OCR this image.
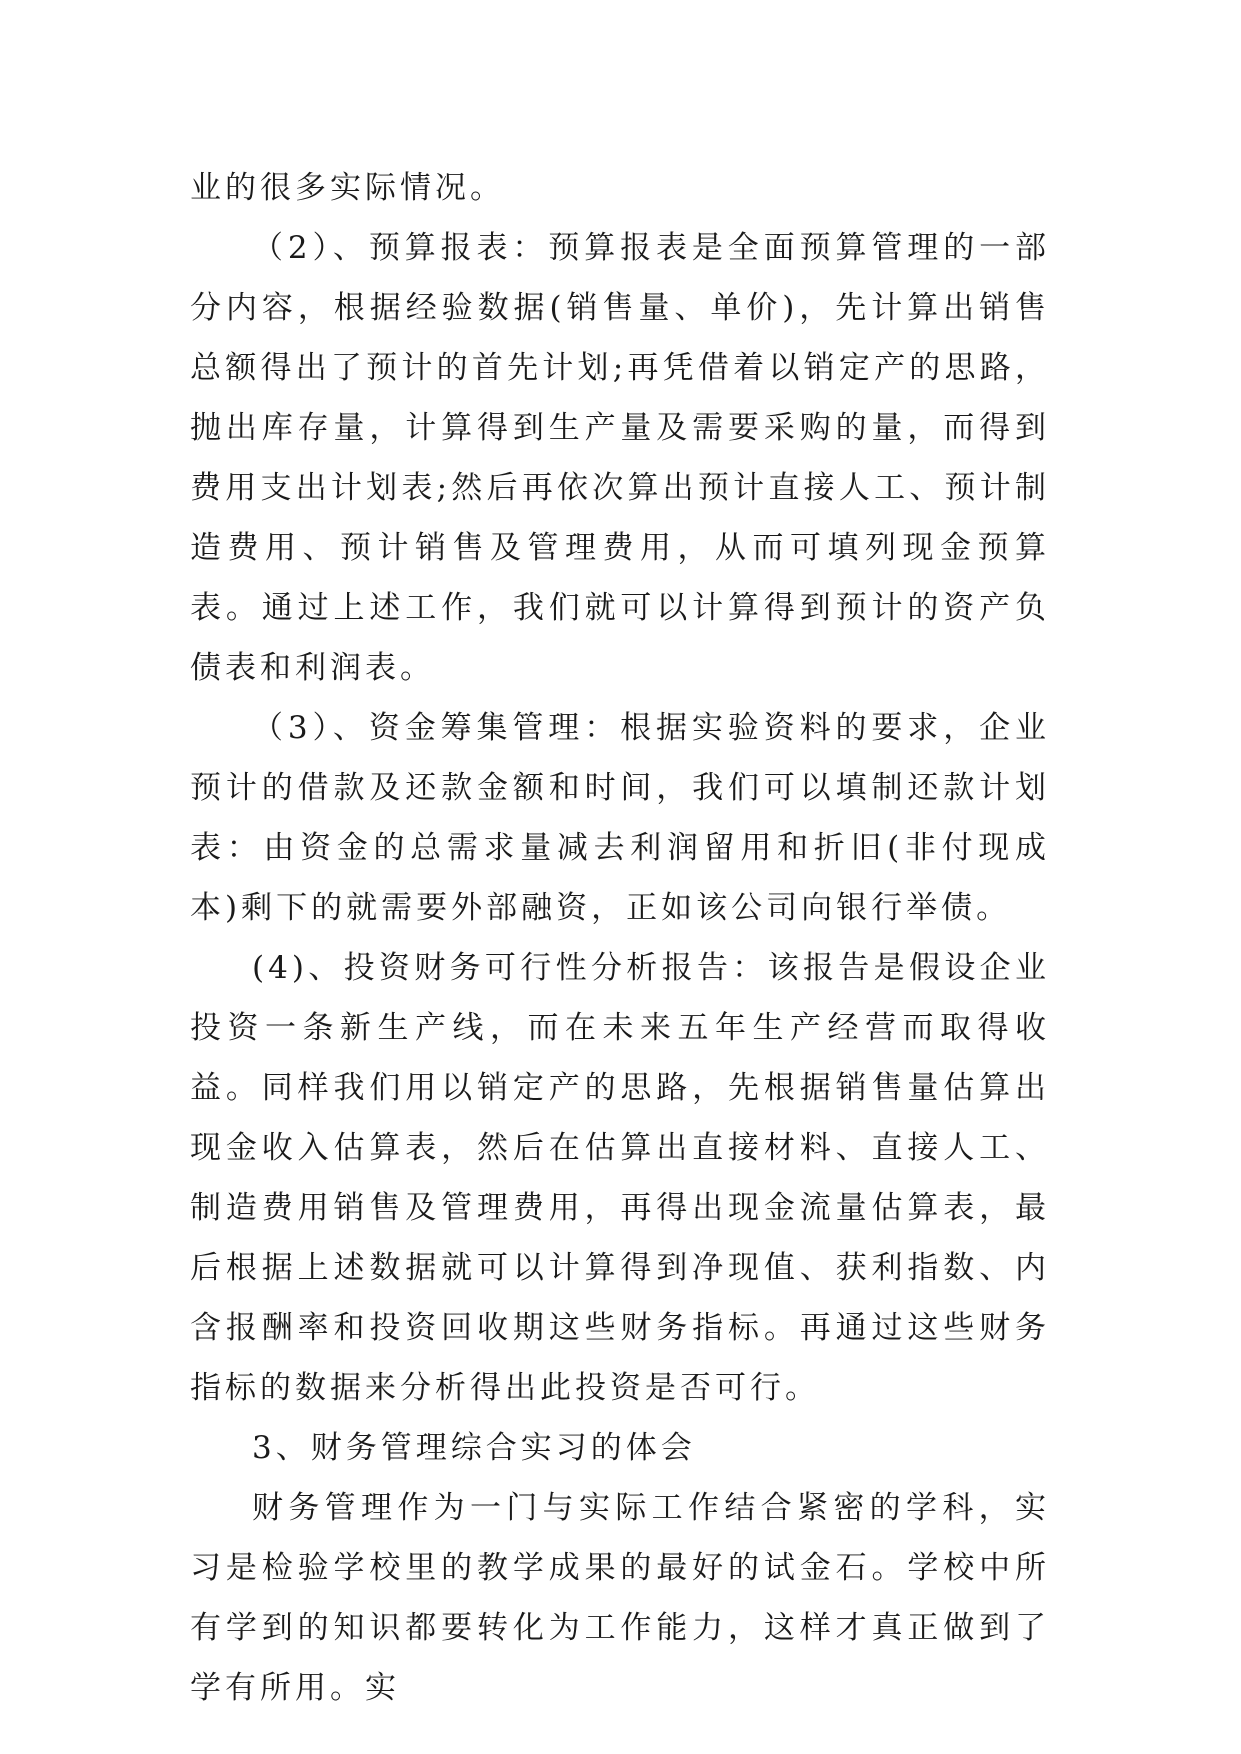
业的很多实际情况。

（2）、预算报表：预算报表是全面预算管理的一部分内容，根据经验数据(销售量、单价)，先计算出销售总额得出了预计的首先计划;再凭借着以销定产的思路，抛出库存量，计算得到生产量及需要采购的量，而得到费用支出计划表;然后再依次算出预计直接人工、预计制造费用、预计销售及管理费用，从而可填列现金预算表。通过上述工作，我们就可以计算得到预计的资产负债表和利润表。

（3）、资金筹集管理：根据实验资料的要求，企业预计的借款及还款金额和时间，我们可以填制还款计划表：由资金的总需求量减去利润留用和折旧(非付现成本)剩下的就需要外部融资，正如该公司向银行举债。

(4)、投资财务可行性分析报告：该报告是假设企业投资一条新生产线，而在未来五年生产经营而取得收益。同样我们用以销定产的思路，先根据销售量估算出现金收入估算表，然后在估算出直接材料、直接人工、制造费用销售及管理费用，再得出现金流量估算表，最后根据上述数据就可以计算得到净现值、获利指数、内含报酬率和投资回收期这些财务指标。再通过这些财务指标的数据来分析得出此投资是否可行。

3、财务管理综合实习的体会

财务管理作为一门与实际工作结合紧密的学科，实习是检验学校里的教学成果的最好的试金石。学校中所有学到的知识都要转化为工作能力，这样才真正做到了学有所用。实
